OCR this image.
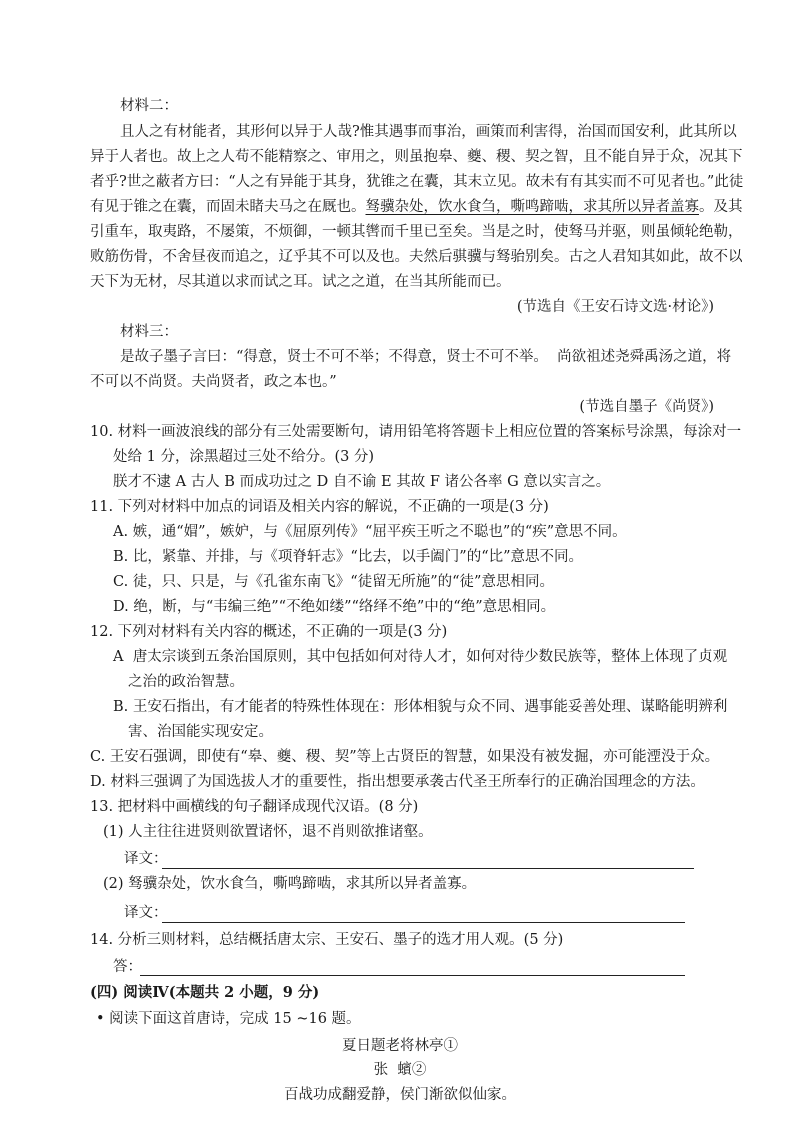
材料二：
且人之有材能者，其形何以异于人哉?惟其遇事而事治，画策而利害得，治国而国安利，此其所以
异于人者也。故上之人苟不能精察之、审用之，则虽抱皋、夔、稷、契之智，且不能自异于众，况其下
者乎?世之蔽者方曰：“人之有异能于其身，犹锥之在囊，其末立见。故未有有其实而不可见者也。”此徒
有见于锥之在囊，而固未睹夫马之在厩也。驽骥杂处，饮水食刍，嘶鸣蹄啮，求其所以异者盖寡。及其
引重车，取夷路，不屡策，不烦御，一顿其辔而千里已至矣。当是之时，使驽马并驱，则虽倾轮绝勒，
败筋伤骨，不舍昼夜而追之，辽乎其不可以及也。夫然后骐骥与驽骀别矣。古之人君知其如此，故不以
天下为无材，尽其道以求而试之耳。试之之道，在当其所能而已。
(节选自《王安石诗文选·材论》)
材料三：
是故子墨子言曰：“得意，贤士不可不举；不得意，贤士不可不举。  尚欲祖述尧舜禹汤之道，将
不可以不尚贤。夫尚贤者，政之本也。”
(节选自墨子《尚贤》)
10. 材料一画波浪线的部分有三处需要断句，请用铅笔将答题卡上相应位置的答案标号涂黑，每涂对一
处给 1 分，涂黑超过三处不给分。(3 分)
朕才不逮 A 古人 B 而成功过之 D 自不谕 E 其故 F 诸公各率 G 意以实言之。
11. 下列对材料中加点的词语及相关内容的解说，不正确的一项是(3 分)
A. 嫉，通“媢”，嫉妒，与《屈原列传》“屈平疾王听之不聪也”的“疾”意思不同。
B. 比，紧靠、并排，与《项脊轩志》“比去，以手阖门”的“比”意思不同。
C. 徒，只、只是，与《孔雀东南飞》“徒留无所施”的“徒”意思相同。
D. 绝，断，与“韦编三绝”“不绝如缕”“络绎不绝”中的“绝”意思相同。
12. 下列对材料有关内容的概述，不正确的一项是(3 分)
A  唐太宗谈到五条治国原则，其中包括如何对待人才，如何对待少数民族等，整体上体现了贞观
之治的政治智慧。
B. 王安石指出，有才能者的特殊性体现在：形体相貌与众不同、遇事能妥善处理、谋略能明辨利
害、治国能实现安定。
C. 王安石强调，即使有“皋、夔、稷、契”等上古贤臣的智慧，如果没有被发掘，亦可能湮没于众。
D. 材料三强调了为国选拔人才的重要性，指出想要承袭古代圣王所奉行的正确治国理念的方法。
13. 把材料中画横线的句子翻译成现代汉语。(8 分)
(1) 人主往往进贤则欲置诸怀，退不肖则欲推诸壑。
译文：
(2) 驽骥杂处，饮水食刍，嘶鸣蹄啮，求其所以异者盖寡。
译文：
14. 分析三则材料，总结概括唐太宗、王安石、墨子的选才用人观。(5 分)
答：
(四) 阅读Ⅳ(本题共 2 小题，9 分)
• 阅读下面这首唐诗，完成 15 ~16 题。
夏日题老将林亭①
张  蠙②
百战功成翻爱静，侯门渐欲似仙家。
